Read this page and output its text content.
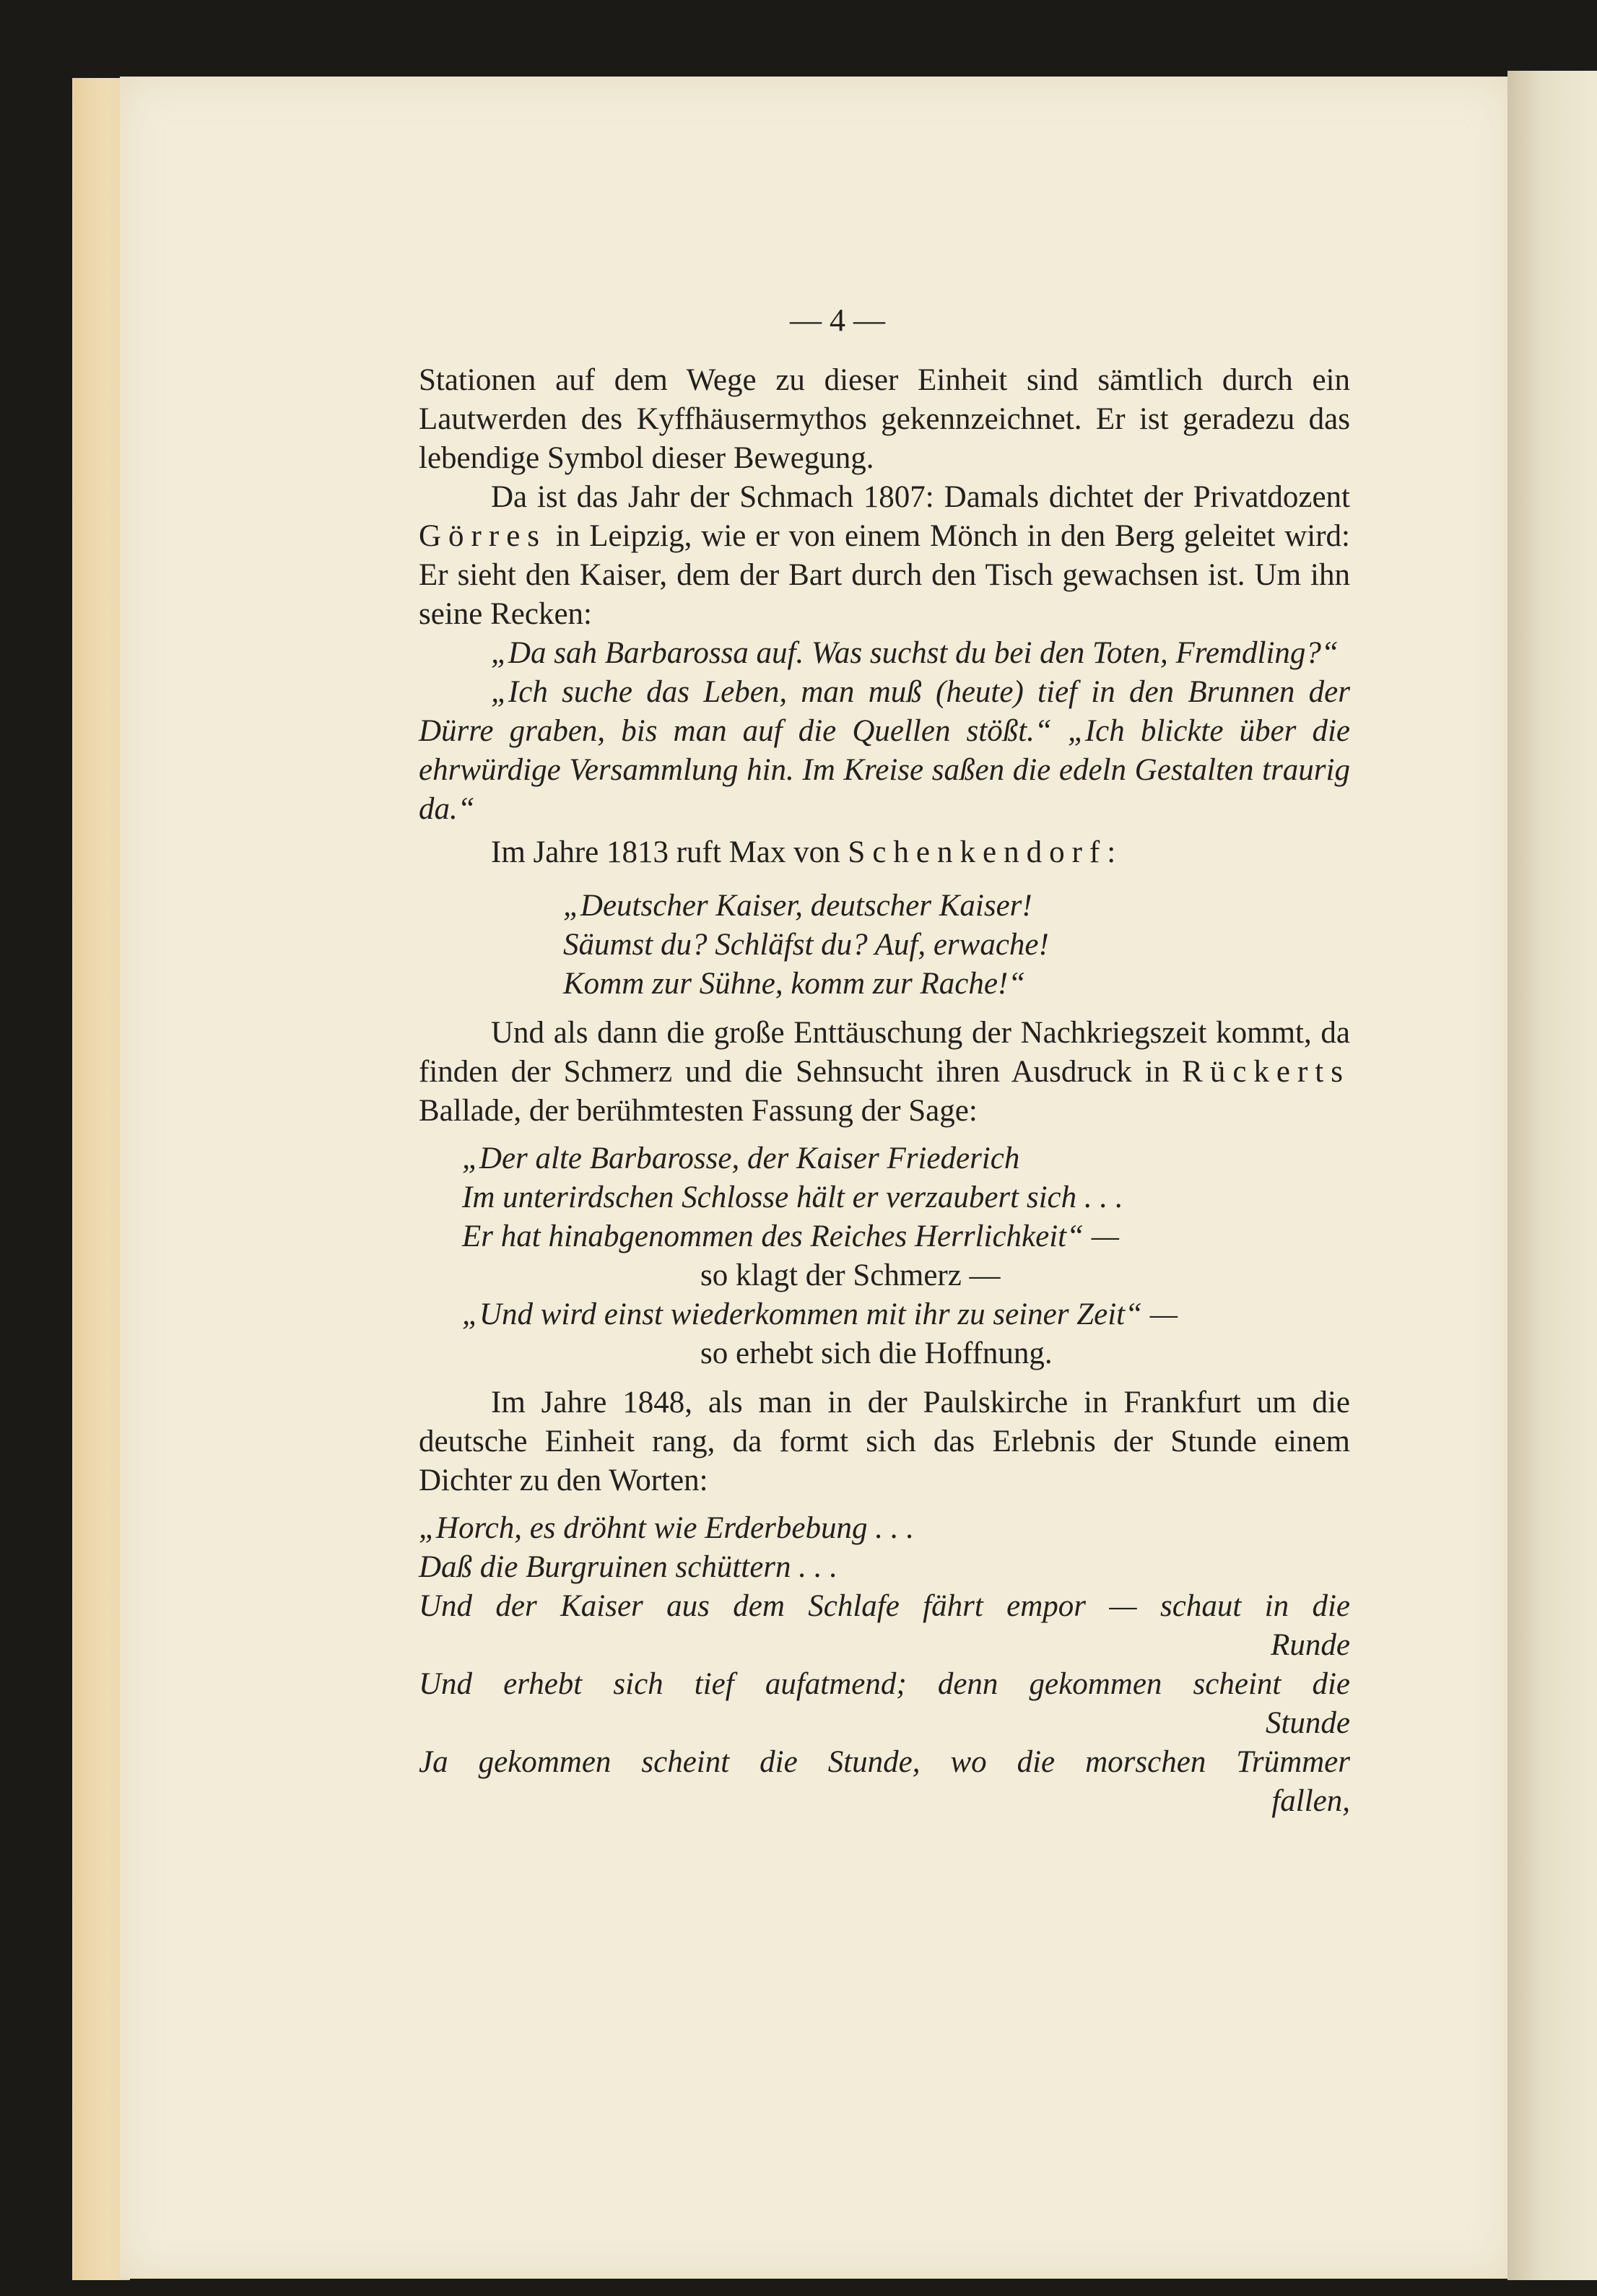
— 4 —

Stationen auf dem Wege zu dieser Einheit sind sämtlich durch ein Lautwerden des Kyffhäusermythos gekennzeichnet. Er ist geradezu das lebendige Symbol dieser Bewegung.

Da ist das Jahr der Schmach 1807: Damals dichtet der Privatdozent Görres in Leipzig, wie er von einem Mönch in den Berg geleitet wird: Er sieht den Kaiser, dem der Bart durch den Tisch gewachsen ist. Um ihn seine Recken:

„Da sah Barbarossa auf. Was suchst du bei den Toten, Fremdling?“

„Ich suche das Leben, man muß (heute) tief in den Brunnen der Dürre graben, bis man auf die Quellen stößt.“ „Ich blickte über die ehrwürdige Versammlung hin. Im Kreise saßen die edeln Gestalten traurig da.“

Im Jahre 1813 ruft Max von Schenkendorf:

„Deutscher Kaiser, deutscher Kaiser!
Säumst du? Schläfst du? Auf, erwache!
Komm zur Sühne, komm zur Rache!“

Und als dann die große Enttäuschung der Nachkriegszeit kommt, da finden der Schmerz und die Sehnsucht ihren Ausdruck in Rückerts Ballade, der berühmtesten Fassung der Sage:

„Der alte Barbarosse, der Kaiser Friederich
Im unterirdschen Schlosse hält er verzaubert sich . . .
Er hat hinabgenommen des Reiches Herrlichkeit“ —
so klagt der Schmerz —
„Und wird einst wiederkommen mit ihr zu seiner Zeit“ —
so erhebt sich die Hoffnung.

Im Jahre 1848, als man in der Paulskirche in Frankfurt um die deutsche Einheit rang, da formt sich das Erlebnis der Stunde einem Dichter zu den Worten:

„Horch, es dröhnt wie Erderbebung . . .
Daß die Burgruinen schüttern . . .
Und der Kaiser aus dem Schlafe fährt empor — schaut in die
Runde
Und erhebt sich tief aufatmend; denn gekommen scheint die
Stunde
Ja gekommen scheint die Stunde, wo die morschen Trümmer
fallen,
